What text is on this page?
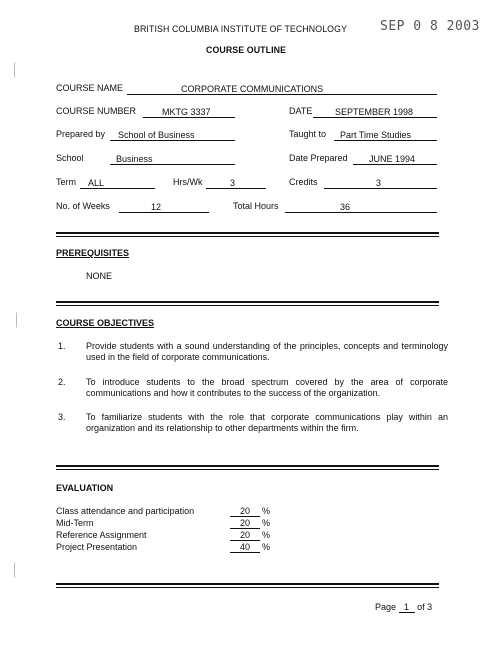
BRITISH COLUMBIA INSTITUTE OF TECHNOLOGY	SEP 0 8 2003
COURSE OUTLINE
COURSE NAME	CORPORATE COMMUNICATIONS
COURSE NUMBER	MKTG 3337	DATE	SEPTEMBER 1998
Prepared by School of Business	Taught to Part Time Studies
School	Business	Date Prepared JUNE 1994
Term ALL	Hrs/Wk	3	Credits	3
No. of Weeks	12	Total Hours	36
PREREQUISITES
NONE
COURSE OBJECTIVES
1. Provide students with a sound understanding of the principles, concepts and terminology used in the field of corporate communications.
2. To introduce students to the broad spectrum covered by the area of corporate communications and how it contributes to the success of the organization.
3. To familiarize students with the role that corporate communications play within an organization and its relationship to other departments within the firm.
EVALUATION
Class attendance and participation	20	%
Mid-Term	20	%
Reference Assignment	20	%
Project Presentation	40	%
Page 1 of 3
